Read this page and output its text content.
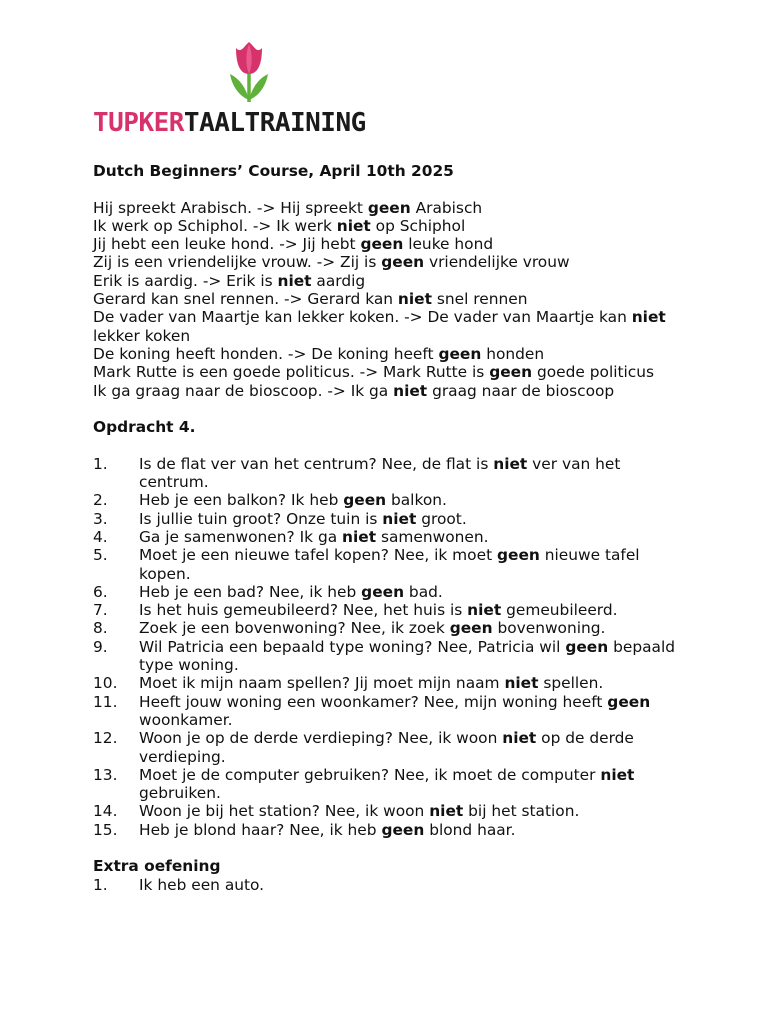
TUPKERTAALTRAINING

Dutch Beginners’ Course, April 10th 2025

Hij spreekt Arabisch. -> Hij spreekt geen Arabisch

Ik werk op Schiphol. -> Ik werk niet op Schiphol

Jij hebt een leuke hond. -> Jij hebt geen leuke hond

Zij is een vriendelijke vrouw. -> Zij is geen vriendelijke vrouw

Erik is aardig. -> Erik is niet aardig

Gerard kan snel rennen. -> Gerard kan niet snel rennen

De vader van Maartje kan lekker koken. -> De vader van Maartje kan niet lekker koken

De koning heeft honden. -> De koning heeft geen honden

Mark Rutte is een goede politicus. -> Mark Rutte is geen goede politicus

Ik ga graag naar de bioscoop. -> Ik ga niet graag naar de bioscoop

Opdracht 4.

1. Is de flat ver van het centrum? Nee, de flat is niet ver van het centrum.

2. Heb je een balkon? Ik heb geen balkon.

3. Is jullie tuin groot? Onze tuin is niet groot.

4. Ga je samenwonen? Ik ga niet samenwonen.

5. Moet je een nieuwe tafel kopen? Nee, ik moet geen nieuwe tafel kopen.

6. Heb je een bad? Nee, ik heb geen bad.

7. Is het huis gemeubileerd? Nee, het huis is niet gemeubileerd.

8. Zoek je een bovenwoning? Nee, ik zoek geen bovenwoning.

9. Wil Patricia een bepaald type woning? Nee, Patricia wil geen bepaald type woning.

10. Moet ik mijn naam spellen? Jij moet mijn naam niet spellen.

11. Heeft jouw woning een woonkamer? Nee, mijn woning heeft geen woonkamer.

12. Woon je op de derde verdieping? Nee, ik woon niet op de derde verdieping.

13. Moet je de computer gebruiken? Nee, ik moet de computer niet gebruiken.

14. Woon je bij het station? Nee, ik woon niet bij het station.

15. Heb je blond haar? Nee, ik heb geen blond haar.

Extra oefening

1. Ik heb een auto.
